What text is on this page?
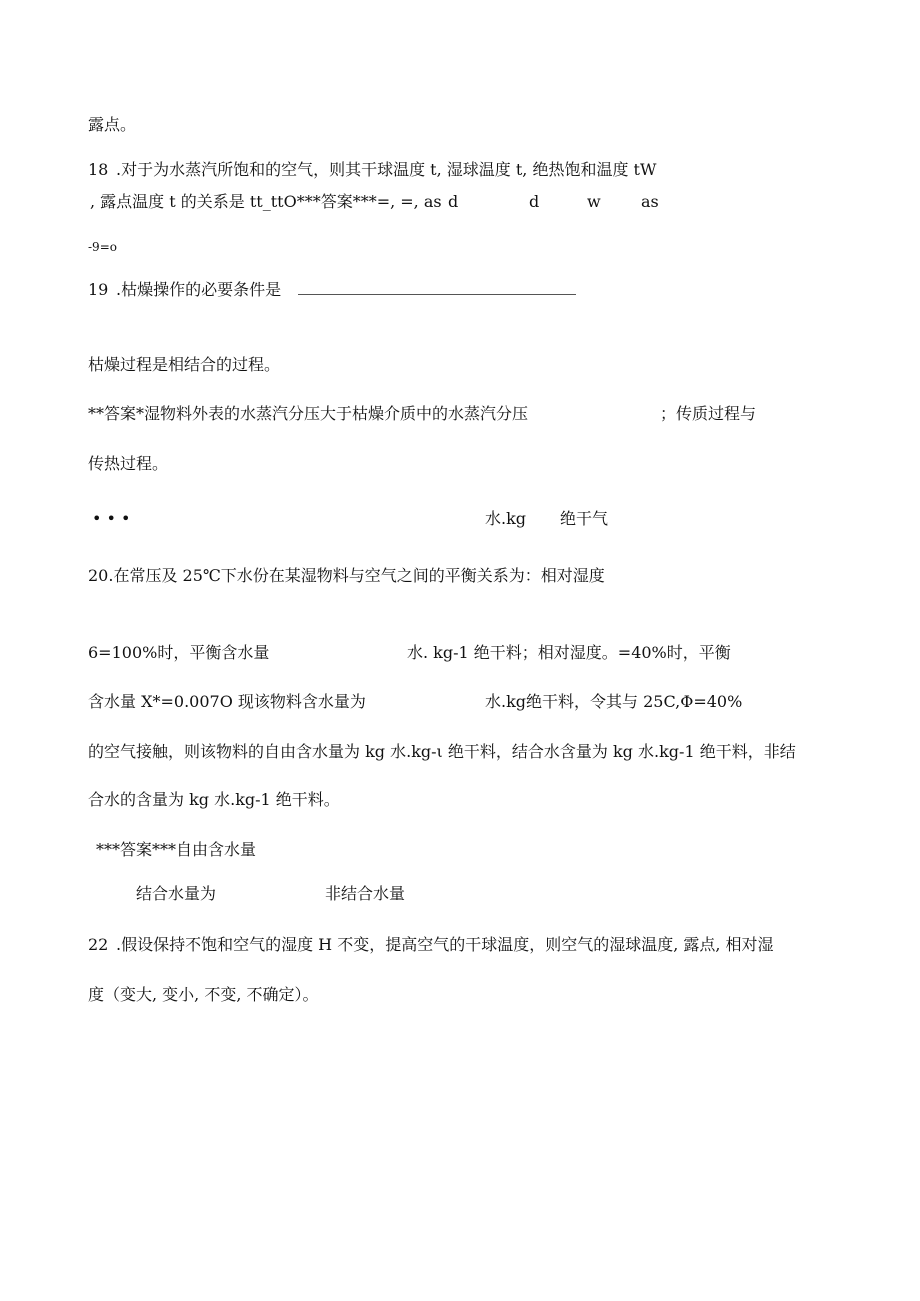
露点。
18 .对于为水蒸汽所饱和的空气，则其干球温度 t, 湿球温度 t, 绝热饱和温度 tW
, 露点温度 t 的关系是 tt_ttO***答案***=, =, as d	d	w	as
-9=o
19 .枯燥操作的必要条件是
枯燥过程是相结合的过程。
**答案*湿物料外表的水蒸汽分压大于枯燥介质中的水蒸汽分压	；传质过程与
传热过程。
• • •	水.kg 绝干气
20.在常压及 25℃下水份在某湿物料与空气之间的平衡关系为：相对湿度
6=100%时，平衡含水量	水. kg-1 绝干料；相对湿度。=40%时，平衡
含水量 X*=0.007O 现该物料含水量为	水.kg绝干料，令其与 25C,Φ=40%
的空气接触，则该物料的自由含水量为 kg 水.kg-ι 绝干料，结合水含量为 kg 水.kg-1 绝干料，非结
合水的含量为 kg 水.kg-1 绝干料。
***答案***自由含水量
结合水量为	非结合水量
22 .假设保持不饱和空气的湿度 H 不变，提高空气的干球温度，则空气的湿球温度, 露点, 相对湿
度（变大, 变小, 不变, 不确定）。
